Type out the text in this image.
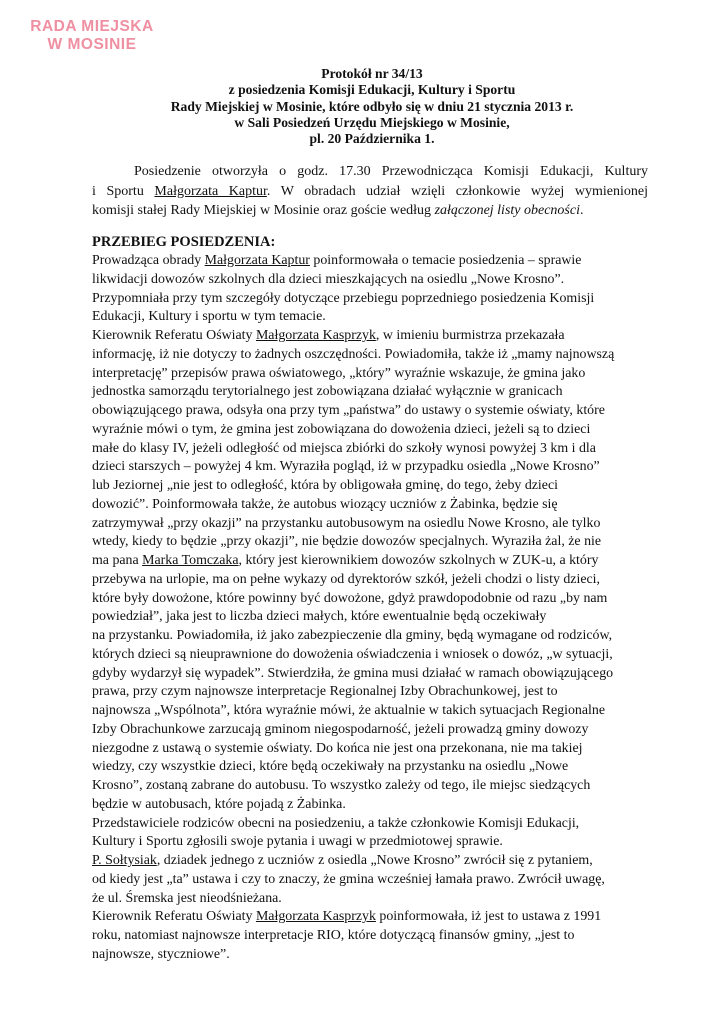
RADA MIEJSKA
W MOSINIE
Protokół nr 34/13
z posiedzenia Komisji Edukacji, Kultury i Sportu
Rady Miejskiej w Mosinie, które odbyło się w dniu 21 stycznia 2013 r.
w Sali Posiedzeń Urzędu Miejskiego w Mosinie,
pl. 20 Października 1.
Posiedzenie otworzyła o godz. 17.30 Przewodnicząca Komisji Edukacji, Kultury
i Sportu Małgorzata Kaptur. W obradach udział wzięli członkowie wyżej wymienionej
komisji stałej Rady Miejskiej w Mosinie oraz goście według załączonej listy obecności.
PRZEBIEG POSIEDZENIA:

Prowadząca obrady Małgorzata Kaptur poinformowała o temacie posiedzenia – sprawie
likwidacji dowozów szkolnych dla dzieci mieszkających na osiedlu „Nowe Krosno”.
Przypomniała przy tym szczegóły dotyczące przebiegu poprzedniego posiedzenia Komisji
Edukacji, Kultury i sportu w tym temacie.

Kierownik Referatu Oświaty Małgorzata Kasprzyk, w imieniu burmistrza przekazała
informację, iż nie dotyczy to żadnych oszczędności. Powiadomiła, także iż „mamy najnowszą
interpretację” przepisów prawa oświatowego, „który” wyraźnie wskazuje, że gmina jako
jednostka samorządu terytorialnego jest zobowiązana działać wyłącznie w granicach
obowiązującego prawa, odsyła ona przy tym „państwa” do ustawy o systemie oświaty, które
wyraźnie mówi o tym, że gmina jest zobowiązana do dowożenia dzieci, jeżeli są to dzieci
małe do klasy IV, jeżeli odległość od miejsca zbiórki do szkoły wynosi powyżej 3 km i dla
dzieci starszych – powyżej 4 km. Wyraziła pogląd, iż w przypadku osiedla „Nowe Krosno”
lub Jeziornej „nie jest to odległość, która by obligowała gminę, do tego, żeby dzieci
dowozić”. Poinformowała także, że autobus wiozący uczniów z Żabinka, będzie się
zatrzymywał „przy okazji” na przystanku autobusowym na osiedlu Nowe Krosno, ale tylko
wtedy, kiedy to będzie „przy okazji”, nie będzie dowozów specjalnych. Wyraziła żal, że nie
ma pana Marka Tomczaka, który jest kierownikiem dowozów szkolnych w ZUK-u, a który
przebywa na urlopie, ma on pełne wykazy od dyrektorów szkół, jeżeli chodzi o listy dzieci,
które były dowożone, które powinny być dowożone, gdyż prawdopodobnie od razu „by nam
powiedział”, jaka jest to liczba dzieci małych, które ewentualnie będą oczekiwały
na przystanku. Powiadomiła, iż jako zabezpieczenie dla gminy, będą wymagane od rodziców,
których dzieci są nieuprawnione do dowożenia oświadczenia i wniosek o dowóz, „w sytuacji,
gdyby wydarzył się wypadek”. Stwierdziła, że gmina musi działać w ramach obowiązującego
prawa, przy czym najnowsze interpretacje Regionalnej Izby Obrachunkowej, jest to
najnowsza „Wspólnota”, która wyraźnie mówi, że aktualnie w takich sytuacjach Regionalne
Izby Obrachunkowe zarzucają gminom niegospodarność, jeżeli prowadzą gminy dowozy
niezgodne z ustawą o systemie oświaty. Do końca nie jest ona przekonana, nie ma takiej
wiedzy, czy wszystkie dzieci, które będą oczekiwały na przystanku na osiedlu „Nowe
Krosno”, zostaną zabrane do autobusu. To wszystko zależy od tego, ile miejsc siedzących
będzie w autobusach, które pojadą z Żabinka.

Przedstawiciele rodziców obecni na posiedzeniu, a także członkowie Komisji Edukacji,
Kultury i Sportu zgłosili swoje pytania i uwagi w przedmiotowej sprawie.

P. Sołtysiak, dziadek jednego z uczniów z osiedla „Nowe Krosno” zwrócił się z pytaniem,
od kiedy jest „ta” ustawa i czy to znaczy, że gmina wcześniej łamała prawo. Zwrócił uwagę,
że ul. Śremska jest nieodśnieżana.

Kierownik Referatu Oświaty Małgorzata Kasprzyk poinformowała, iż jest to ustawa z 1991
roku, natomiast najnowsze interpretacje RIO, które dotyczącą finansów gminy, „jest to
najnowsze, styczniowe”.
